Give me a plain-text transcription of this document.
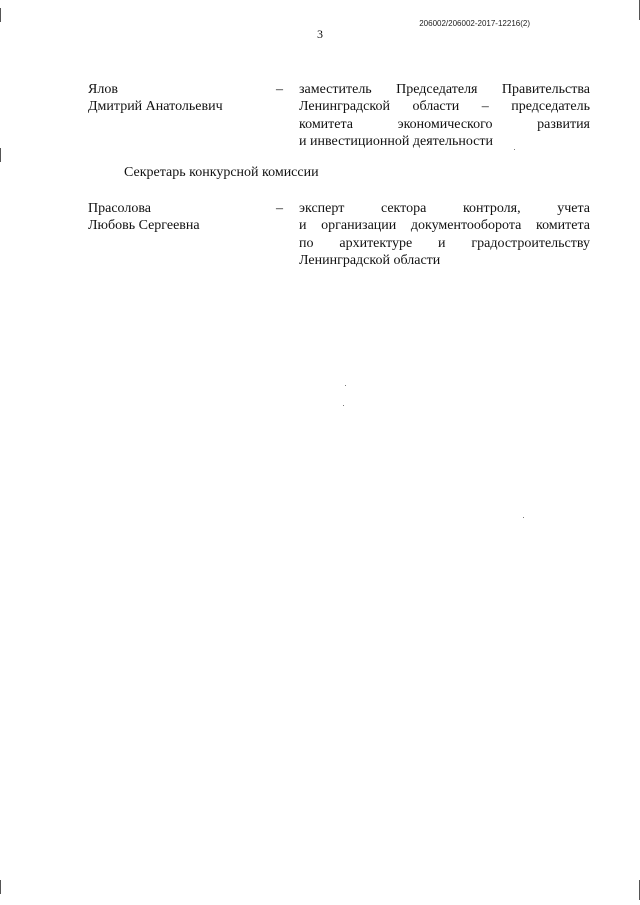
206002/206002-2017-12216(2)
3
Ялов
Дмитрий Анатольевич
– заместитель Председателя Правительства
Ленинградской области – председатель
комитета экономического развития
и инвестиционной деятельности
Секретарь конкурсной комиссии
Прасолова
Любовь Сергеевна
– эксперт сектора контроля, учета
и организации документооборота комитета
по архитектуре и градостроительству
Ленинградской области
